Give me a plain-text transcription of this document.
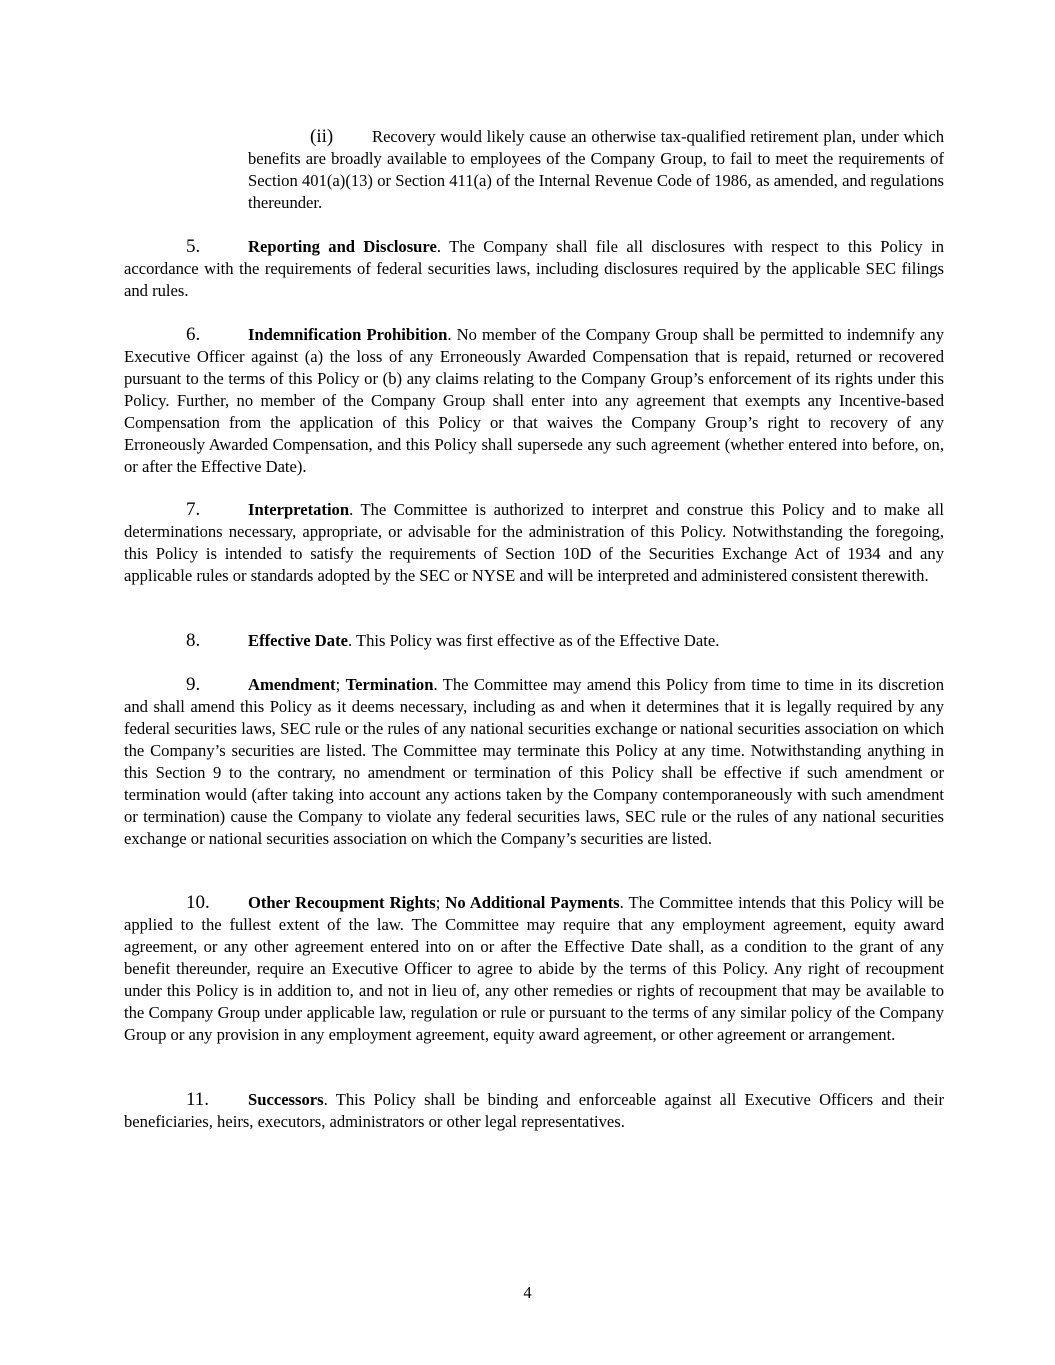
(ii) Recovery would likely cause an otherwise tax-qualified retirement plan, under which benefits are broadly available to employees of the Company Group, to fail to meet the requirements of Section 401(a)(13) or Section 411(a) of the Internal Revenue Code of 1986, as amended, and regulations thereunder.

5.	Reporting and Disclosure. The Company shall file all disclosures with respect to this Policy in accordance with the requirements of federal securities laws, including disclosures required by the applicable SEC filings and rules.

6.	Indemnification Prohibition. No member of the Company Group shall be permitted to indemnify any Executive Officer against (a) the loss of any Erroneously Awarded Compensation that is repaid, returned or recovered pursuant to the terms of this Policy or (b) any claims relating to the Company Group’s enforcement of its rights under this Policy. Further, no member of the Company Group shall enter into any agreement that exempts any Incentive-based Compensation from the application of this Policy or that waives the Company Group’s right to recovery of any Erroneously Awarded Compensation, and this Policy shall supersede any such agreement (whether entered into before, on, or after the Effective Date).

7.	Interpretation. The Committee is authorized to interpret and construe this Policy and to make all determinations necessary, appropriate, or advisable for the administration of this Policy. Notwithstanding the foregoing, this Policy is intended to satisfy the requirements of Section 10D of the Securities Exchange Act of 1934 and any applicable rules or standards adopted by the SEC or NYSE and will be interpreted and administered consistent therewith.

8.	Effective Date. This Policy was first effective as of the Effective Date.

9.	Amendment; Termination. The Committee may amend this Policy from time to time in its discretion and shall amend this Policy as it deems necessary, including as and when it determines that it is legally required by any federal securities laws, SEC rule or the rules of any national securities exchange or national securities association on which the Company’s securities are listed. The Committee may terminate this Policy at any time. Notwithstanding anything in this Section 9 to the contrary, no amendment or termination of this Policy shall be effective if such amendment or termination would (after taking into account any actions taken by the Company contemporaneously with such amendment or termination) cause the Company to violate any federal securities laws, SEC rule or the rules of any national securities exchange or national securities association on which the Company’s securities are listed.

10. Other Recoupment Rights; No Additional Payments. The Committee intends that this Policy will be applied to the fullest extent of the law. The Committee may require that any employment agreement, equity award agreement, or any other agreement entered into on or after the Effective Date shall, as a condition to the grant of any benefit thereunder, require an Executive Officer to agree to abide by the terms of this Policy. Any right of recoupment under this Policy is in addition to, and not in lieu of, any other remedies or rights of recoupment that may be available to the Company Group under applicable law, regulation or rule or pursuant to the terms of any similar policy of the Company Group or any provision in any employment agreement, equity award agreement, or other agreement or arrangement.

11. Successors. This Policy shall be binding and enforceable against all Executive Officers and their beneficiaries, heirs, executors, administrators or other legal representatives.

4
